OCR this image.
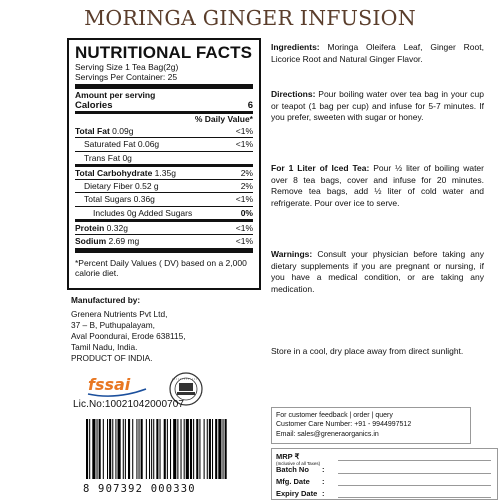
MORINGA GINGER INFUSION
NUTRITIONAL FACTS
Serving Size 1 Tea Bag(2g)
Servings Per Container: 25
Amount per serving
Calories	6
% Daily Value*
Total Fat 0.09g	<1%
Saturated Fat 0.06g	<1%
Trans Fat 0g
Total Carbohydrate 1.35g	2%
Dietary Fiber 0.52 g	2%
Total Sugars 0.36g	<1%
Includes 0g Added Sugars	0%
Protein 0.32g	<1%
Sodium 2.69 mg	<1%
*Percent Daily Values ( DV) based on a 2,000 calorie diet.
Ingredients: Moringa Oleifera Leaf, Ginger Root, Licorice Root and Natural Ginger Flavor.
Directions: Pour boiling water over tea bag in your cup or teapot (1 bag per cup) and infuse for 5-7 minutes. If you prefer, sweeten with sugar or honey.
For 1 Liter of Iced Tea: Pour ½ liter of boiling water over 8 tea bags, cover and infuse for 20 minutes. Remove tea bags, add ½ liter of cold water and refrigerate. Pour over ice to serve.
Warnings: Consult your physician before taking any dietary supplements if you are pregnant or nursing, if you have a medical condition, or are taking any medication.
Store in a cool, dry place away from direct sunlight.
Manufactured by:
Grenera Nutrients Pvt Ltd,
37 – B, Puthupalayam,
Aval Poondurai, Erode 638115,
Tamil Nadu, India.
PRODUCT OF INDIA.
fssai
Lic.No:10021042000707
For customer feedback | order | query
Customer Care Number: +91 - 9944997512
Email: sales@greneraorganics.in
8 907392 000330
MRP ₹
(Inclusive of all Taxes)
Batch No :
Mfg. Date :
Expiry Date :
